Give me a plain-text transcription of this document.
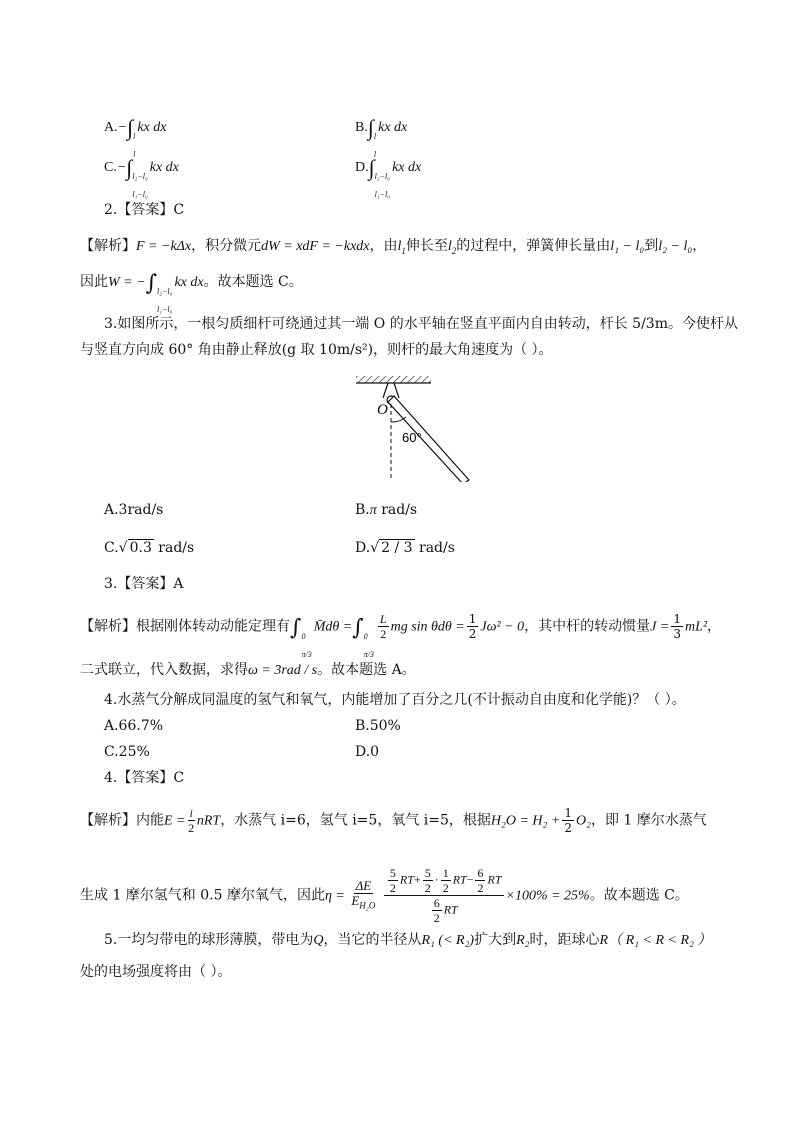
A.−∫ l
l
kx dx	B.∫ l
l
kx dx
C.−∫ l₂−l₀
l₁−l₀
kx dx	D.∫ l₂−l₀
l₁−l₀
kx dx
2.【答案】C
【解析】F = −kΔx，积分微元dW = xdF = −kxdx，由$l_1$伸长至$l_2$的过程中，弹簧伸长量由l₁ − l₀到l₂ − l₀，
因此W = −∫ l₂−l₀
l₁−l₀
kx dx。故本题选 C。
3.如图所示，一根匀质细杆可绕通过其一端 O 的水平轴在竖直平面内自由转动，杆长 5/3m。今使杆从
与竖直方向成 60° 角由静止释放(g 取 10m/s²)，则杆的最大角速度为（ ）。
O
60°
A.3rad/s	B.π rad/s
C.√ 0.3 rad/s	D.√ 2 / 3 rad/s
3.【答案】A
【解析】根据刚体转动动能定理有∫ 0
π/3
M̄dθ =∫ 0
π/3
$\frac{L}{2}$ mg $\sin \theta d\theta = \frac{1}{2} J\omega^2 - 0$，其中杆的转动惯量$J = \frac{1}{3} mL^2$，
二式联立，代入数据，求得ω = 3rad / s。故本题选 A。
4.水蒸气分解成同温度的氢气和氧气，内能增加了百分之几(不计振动自由度和化学能)？（ ）。
A.66.7%	B.50%
C.25%	D.0
4.【答案】C
【解析】内能$E = \frac{i}{2}$ nRT，水蒸气 i=6，氢气 i=5，氧气 i=5，根据$H_2O = H_2 + \frac{1}{2} O_2$，即 1 摩尔水蒸气
生成 1 摩尔氢气和 0.5 摩尔氧气，因此$\eta = \frac{\Delta E}{E_{H_2O}}$
$\frac{\frac{5}{2} RT+ \frac{5}{2} \cdot \frac{1}{2} RT- \frac{6}{2} RT}{\frac{6}{2} RT} \times 100\% = 25\%$。故本题选 C。
5.一均匀带电的球形薄膜，带电为Q，当它的半径从R₁ (< R₂)扩大到R₂时，距球心R（ R₁ < R < R₂ ）
处的电场强度将由（ ）。
